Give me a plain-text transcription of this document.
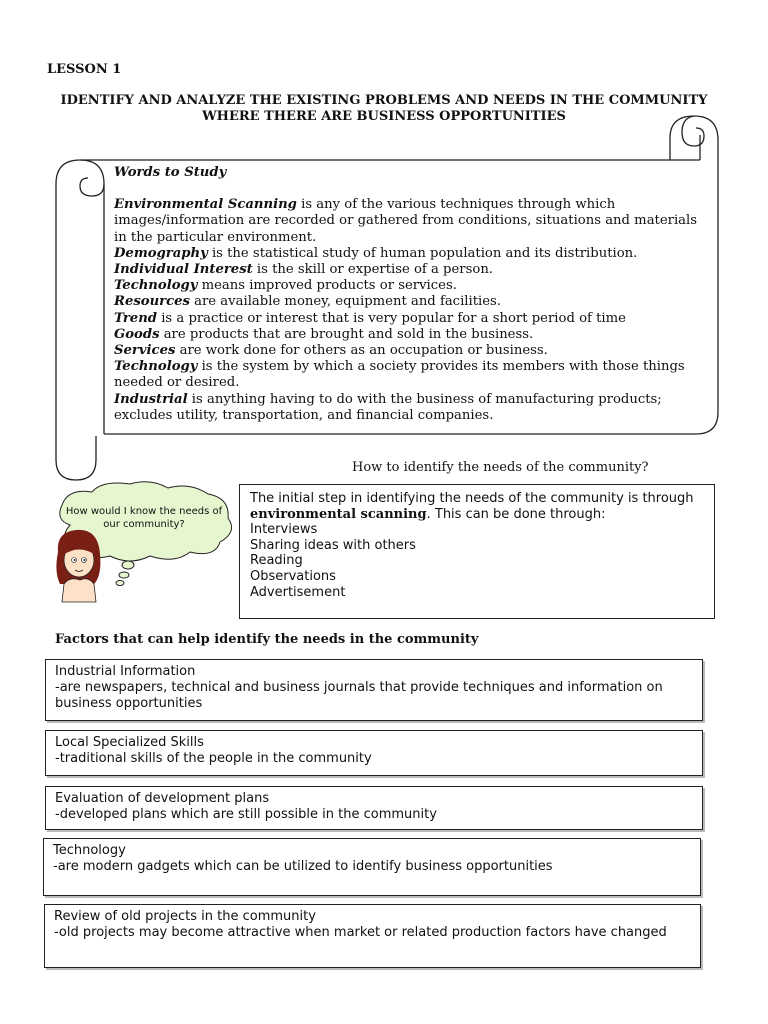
LESSON 1
IDENTIFY AND ANALYZE THE EXISTING PROBLEMS AND NEEDS IN THE COMMUNITY
WHERE THERE ARE BUSINESS OPPORTUNITIES
Words to Study
Environmental Scanning is any of the various techniques through which images/information are recorded or gathered from conditions, situations and materials in the particular environment.
Demography is the statistical study of human population and its distribution.
Individual Interest is the skill or expertise of a person.
Technology means improved products or services.
Resources are available money, equipment and facilities.
Trend is a practice or interest that is very popular for a short period of time
Goods are products that are brought and sold in the business.
Services are work done for others as an occupation or business.
Technology is the system by which a society provides its members with those things needed or desired.
Industrial is anything having to do with the business of manufacturing products; excludes utility, transportation, and financial companies.
How to identify the needs of the community?
How would I know the needs of our community?
The initial step in identifying the needs of the community is through environmental scanning. This can be done through:
Interviews
Sharing ideas with others
Reading
Observations
Advertisement
Factors that can help identify the needs in the community
Industrial Information
-are newspapers, technical and business journals that provide techniques and information on business opportunities
Local Specialized Skills
-traditional skills of the people in the community
Evaluation of development plans
-developed plans which are still possible in the community
Technology
-are modern gadgets which can be utilized to identify business opportunities
Review of old projects in the community
-old projects may become attractive when market or related production factors have changed
